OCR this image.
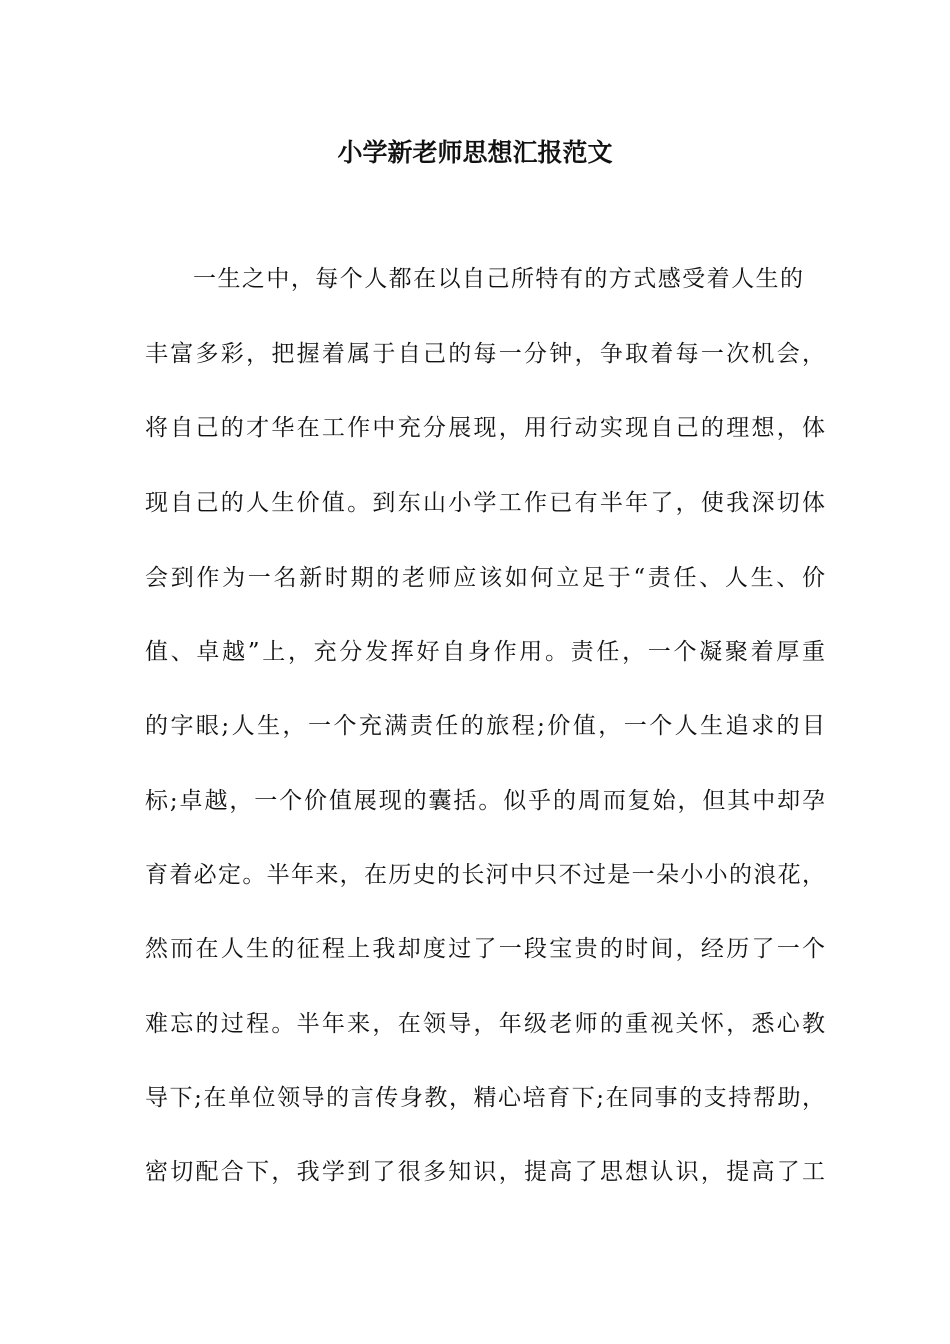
小学新老师思想汇报范文
一生之中，每个人都在以自己所特有的方式感受着人生的
丰富多彩，把握着属于自己的每一分钟，争取着每一次机会，
将自己的才华在工作中充分展现，用行动实现自己的理想，体
现自己的人生价值。到东山小学工作已有半年了，使我深切体
会到作为一名新时期的老师应该如何立足于“责任、人生、价
值、卓越”上，充分发挥好自身作用。责任，一个凝聚着厚重
的字眼;人生，一个充满责任的旅程;价值，一个人生追求的目
标;卓越，一个价值展现的囊括。似乎的周而复始，但其中却孕
育着必定。半年来，在历史的长河中只不过是一朵小小的浪花，
然而在人生的征程上我却度过了一段宝贵的时间，经历了一个
难忘的过程。半年来，在领导，年级老师的重视关怀，悉心教
导下;在单位领导的言传身教，精心培育下;在同事的支持帮助，
密切配合下，我学到了很多知识，提高了思想认识，提高了工
